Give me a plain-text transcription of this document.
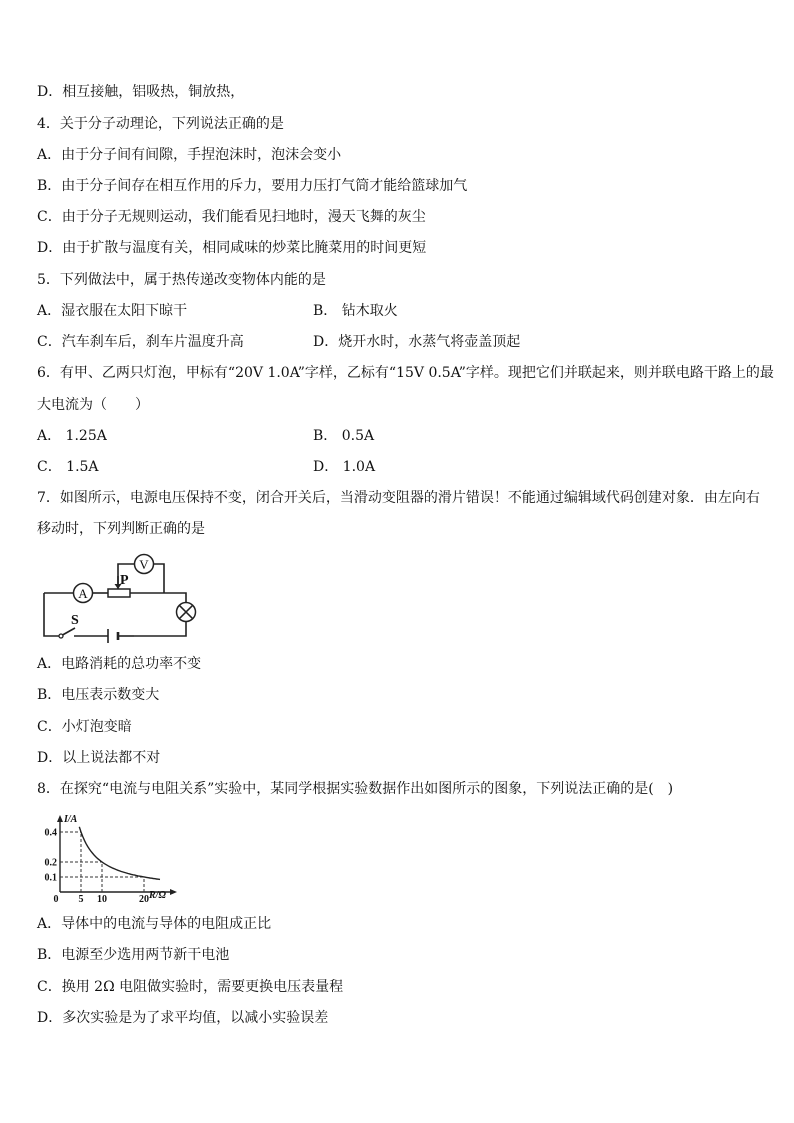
D．相互接触，铝吸热，铜放热，
4．关于分子动理论，下列说法正确的是
A．由于分子间有间隙，手捏泡沫时，泡沫会变小
B．由于分子间存在相互作用的斥力，要用力压打气筒才能给篮球加气
C．由于分子无规则运动，我们能看见扫地时，漫天飞舞的灰尘
D．由于扩散与温度有关，相同咸味的炒菜比腌菜用的时间更短
5．下列做法中，属于热传递改变物体内能的是
A．湿衣服在太阳下晾干	B． 钻木取火
C．汽车刹车后，刹车片温度升高	D．烧开水时，水蒸气将壶盖顶起
6．有甲、乙两只灯泡，甲标有“20V 1.0A”字样，乙标有“15V 0.5A”字样。现把它们并联起来，则并联电路干路上的最
大电流为（　　）
A． 1.25A	B． 0.5A
C． 1.5A	D． 1.0A
7．如图所示，电源电压保持不变，闭合开关后，当滑动变阻器的滑片错误！不能通过编辑域代码创建对象．由左向右
移动时，下列判断正确的是
A
P
V
S
A．电路消耗的总功率不变
B．电压表示数变大
C．小灯泡变暗
D．以上说法都不对
8．在探究“电流与电阻关系”实验中，某同学根据实验数据作出如图所示的图象，下列说法正确的是(　)
0 5 10	20
0.4
0.2
0.1
I/A
R/Ω
A．导体中的电流与导体的电阻成正比
B．电源至少选用两节新干电池
C．换用 2Ω 电阻做实验时，需要更换电压表量程
D．多次实验是为了求平均值，以减小实验误差
